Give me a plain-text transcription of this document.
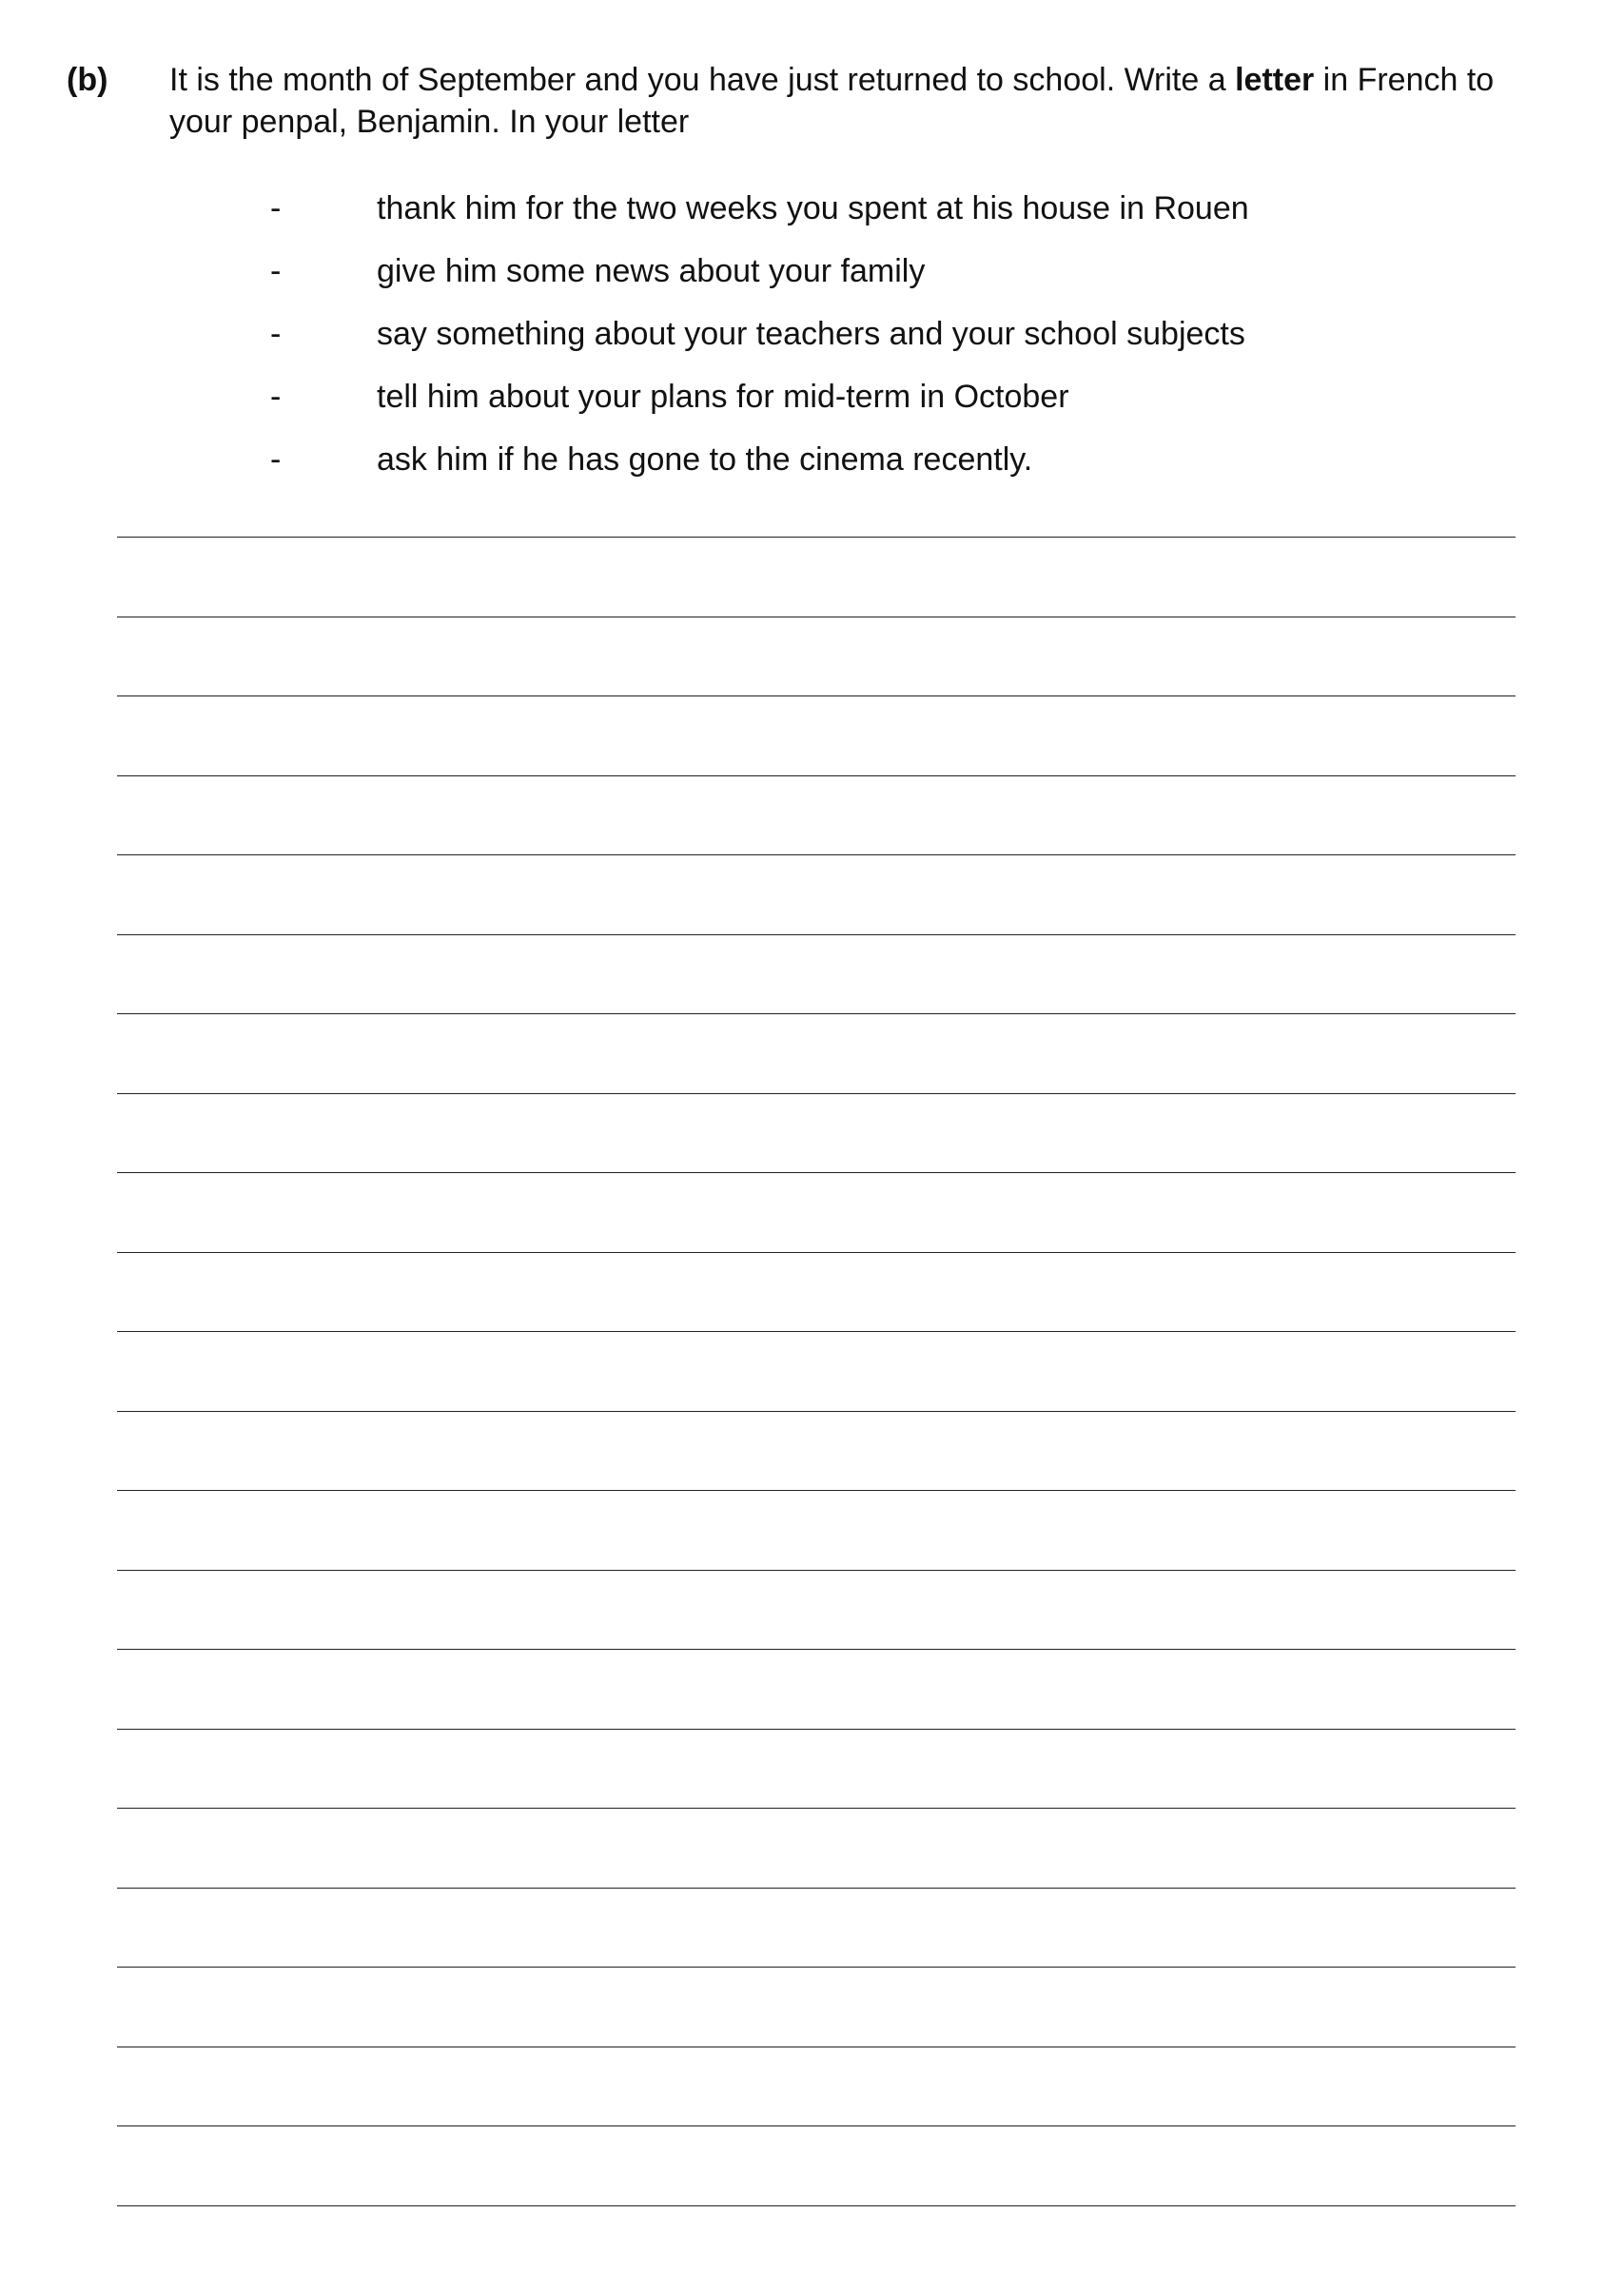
(b) It is the month of September and you have just returned to school. Write a letter in French to your penpal, Benjamin. In your letter
-	thank him for the two weeks you spent at his house in Rouen
-	give him some news about your family
-	say something about your teachers and your school subjects
-	tell him about your plans for mid-term in October
-	ask him if he has gone to the cinema recently.
